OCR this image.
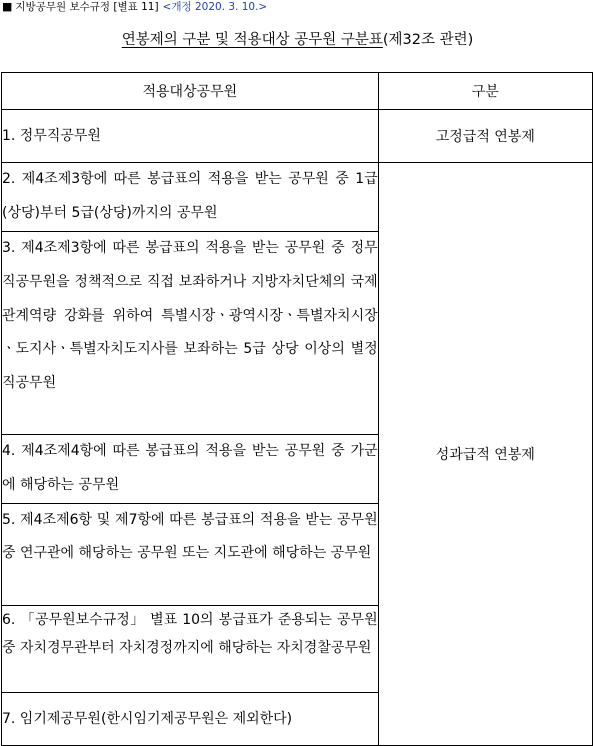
■ 지방공무원 보수규정 [별표 11] <개정 2020. 3. 10.>
연봉제의 구분 및 적용대상 공무원 구분표(제32조 관련)
적용대상공무원	구분
1. 정무직공무원	고정급적 연봉제
2. 제4조제3항에 따른 봉급표의 적용을 받는 공무원 중 1급(상당)부터 5급(상당)까지의 공무원	성과급적 연봉제
3. 제4조제3항에 따른 봉급표의 적용을 받는 공무원 중 정무직공무원을 정책적으로 직접 보좌하거나 지방자치단체의 국제관계역량 강화를 위하여 특별시장ㆍ광역시장ㆍ특별자치시장ㆍ도지사ㆍ특별자치도지사를 보좌하는 5급 상당 이상의 별정직공무원	
4. 제4조제4항에 따른 봉급표의 적용을 받는 공무원 중 가군에 해당하는 공무원	
5. 제4조제6항 및 제7항에 따른 봉급표의 적용을 받는 공무원 중 연구관에 해당하는 공무원 또는 지도관에 해당하는 공무원	
6. 「공무원보수규정」 별표 10의 봉급표가 준용되는 공무원 중 자치경무관부터 자치경정까지에 해당하는 자치경찰공무원	
7. 임기제공무원(한시임기제공무원은 제외한다)	
